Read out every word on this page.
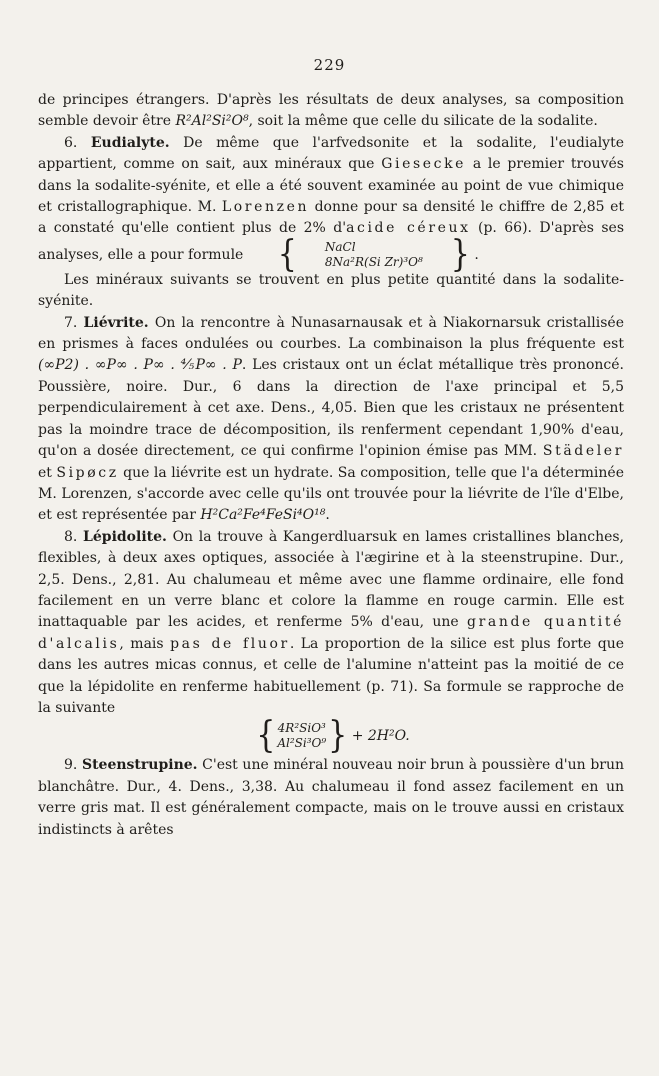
229

de principes étrangers. D'après les résultats de deux analyses, sa composition semble devoir être R²Al²Si²O⁸, soit la même que celle du silicate de la sodalite.

6. Eudialyte. De même que l'arfvedsonite et la sodalite, l'eudialyte appartient, comme on sait, aux minéraux que Giesecke a le premier trouvés dans la sodalite-syénite, et elle a été souvent examinée au point de vue chimique et cristallographique. M. Lorenzen donne pour sa densité le chiffre de 2,85 et a constaté qu'elle contient plus de 2% d'acide céreux (p. 66). D'après ses analyses, elle a pour formule	{	NaCl
8Na²R(Si Zr)³O⁸ } .

Les minéraux suivants se trouvent en plus petite quantité dans la sodalite-syénite.

7. Liévrite. On la rencontre à Nunasarnausak et à Niakornarsuk cristallisée en prismes à faces ondulées ou courbes. La combinaison la plus fréquente est (∞P2) . ∞P∞ . P∞ . ⅘P∞ . P. Les cristaux ont un éclat métallique très prononcé. Poussière, noire. Dur., 6 dans la direction de l'axe principal et 5,5 perpendiculairement à cet axe. Dens., 4,05. Bien que les cristaux ne présentent pas la moindre trace de décomposition, ils renferment cependant 1,90% d'eau, qu'on a dosée directement, ce qui confirme l'opinion émise pas MM. Städeler et Sipøcz que la liévrite est un hydrate. Sa composition, telle que l'a déterminée M. Lorenzen, s'accorde avec celle qu'ils ont trouvée pour la liévrite de l'île d'Elbe, et est représentée par H²Ca²Fe⁴FeSi⁴O¹⁸.

8. Lépidolite. On la trouve à Kangerdluarsuk en lames cristallines blanches, flexibles, à deux axes optiques, associée à l'ægirine et à la steenstrupine. Dur., 2,5. Dens., 2,81. Au chalumeau et même avec une flamme ordinaire, elle fond facilement en un verre blanc et colore la flamme en rouge carmin. Elle est inattaquable par les acides, et renferme 5% d'eau, une grande quantité d'alcalis, mais pas de fluor. La proportion de la silice est plus forte que dans les autres micas connus, et celle de l'alumine n'atteint pas la moitié de ce que la lépidolite en renferme habituellement (p. 71). Sa formule se rapproche de la suivante

{ 4R²SiO³
Al²Si³O⁹ } + 2H²O.

9. Steenstrupine. C'est une minéral nouveau noir brun à poussière d'un brun blanchâtre. Dur., 4. Dens., 3,38. Au chalumeau il fond assez facilement en un verre gris mat. Il est généralement compacte, mais on le trouve aussi en cristaux indistincts à arêtes
